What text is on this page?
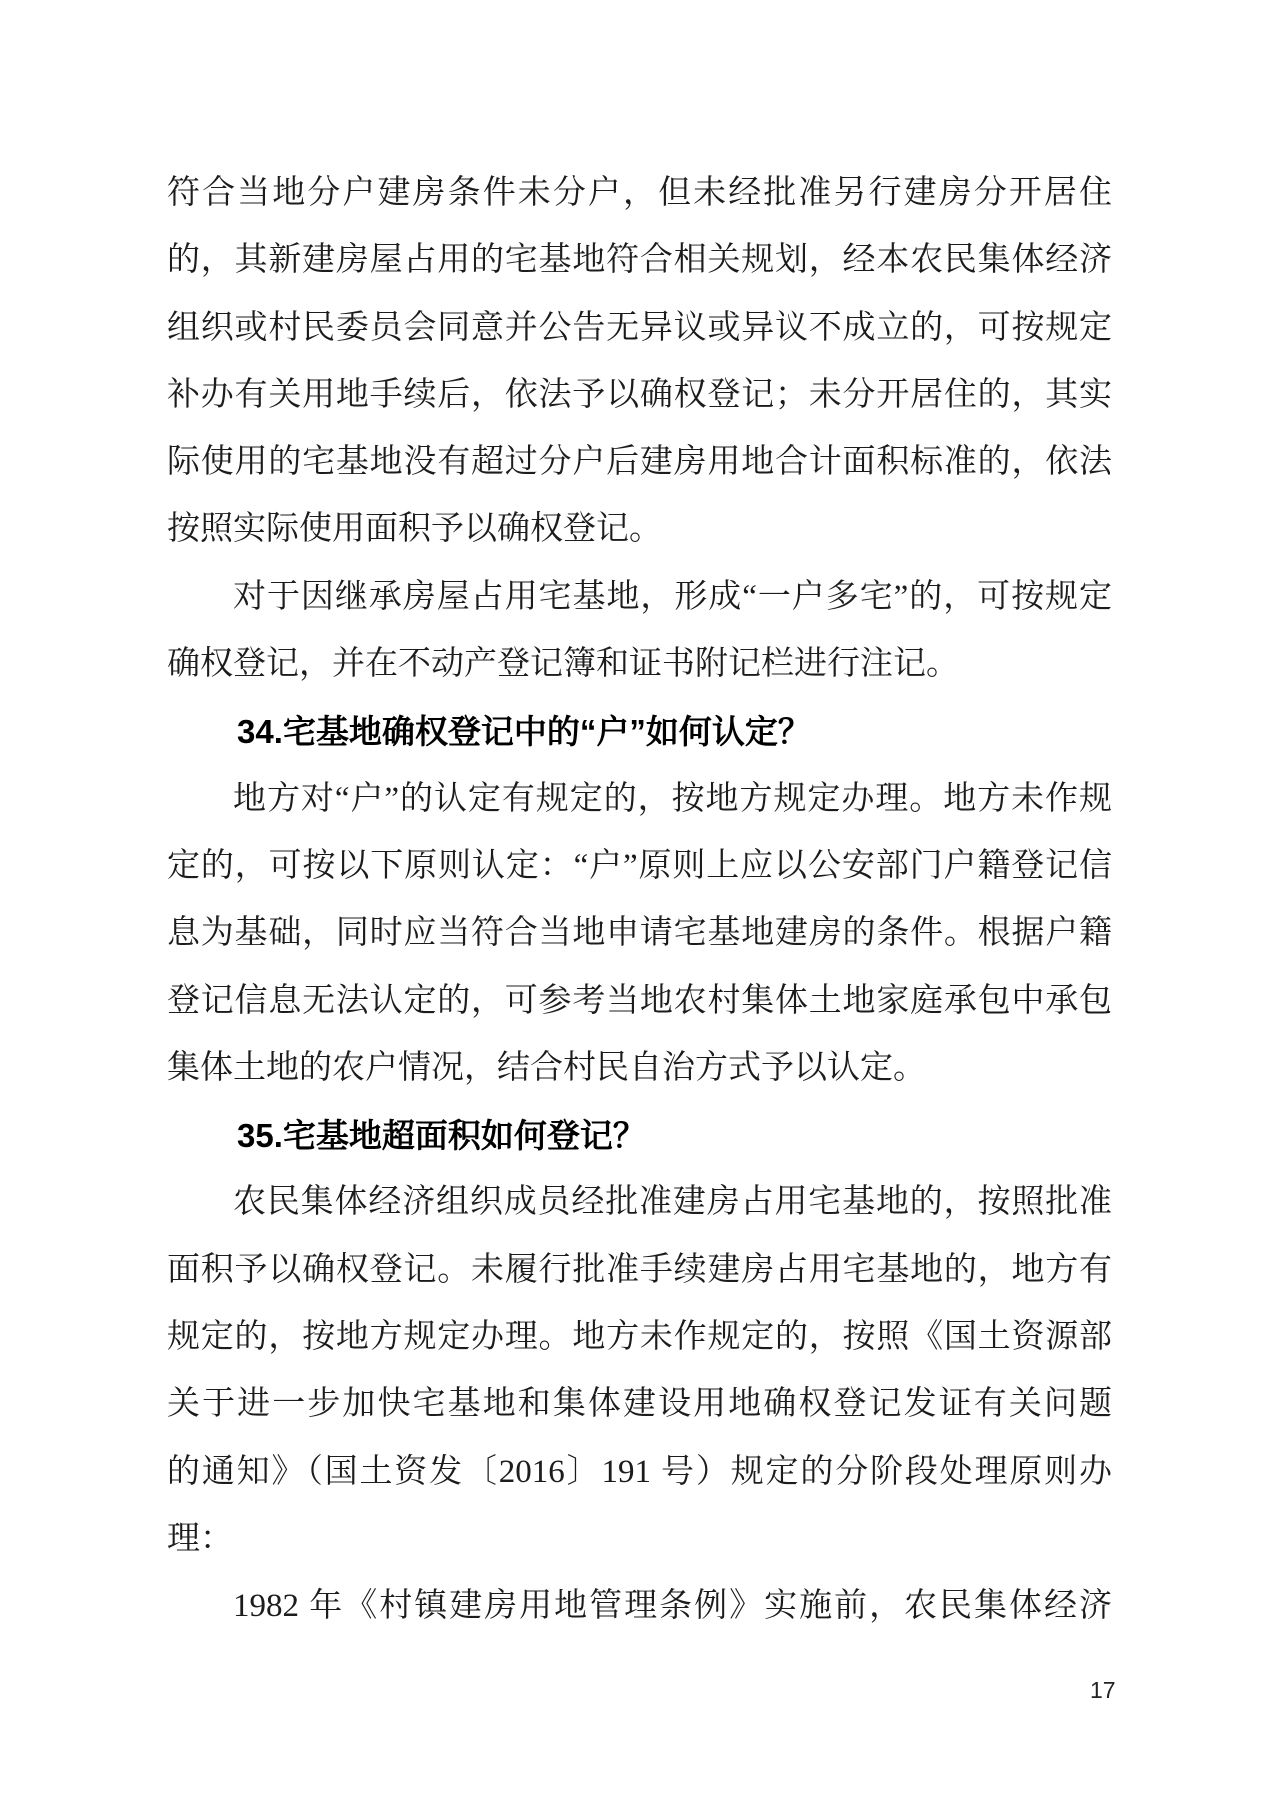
符合当地分户建房条件未分户，但未经批准另行建房分开居住
的，其新建房屋占用的宅基地符合相关规划，经本农民集体经济
组织或村民委员会同意并公告无异议或异议不成立的，可按规定
补办有关用地手续后，依法予以确权登记；未分开居住的，其实
际使用的宅基地没有超过分户后建房用地合计面积标准的，依法
按照实际使用面积予以确权登记。
对于因继承房屋占用宅基地，形成“一户多宅”的，可按规定
确权登记，并在不动产登记簿和证书附记栏进行注记。
34.宅基地确权登记中的“户”如何认定？
地方对“户”的认定有规定的，按地方规定办理。地方未作规
定的，可按以下原则认定：“户”原则上应以公安部门户籍登记信
息为基础，同时应当符合当地申请宅基地建房的条件。根据户籍
登记信息无法认定的，可参考当地农村集体土地家庭承包中承包
集体土地的农户情况，结合村民自治方式予以认定。
35.宅基地超面积如何登记？
农民集体经济组织成员经批准建房占用宅基地的，按照批准
面积予以确权登记。未履行批准手续建房占用宅基地的，地方有
规定的，按地方规定办理。地方未作规定的，按照《国土资源部
关于进一步加快宅基地和集体建设用地确权登记发证有关问题
的通知》（国土资发〔2016〕191 号）规定的分阶段处理原则办
理：
1982 年《村镇建房用地管理条例》实施前，农民集体经济
17
